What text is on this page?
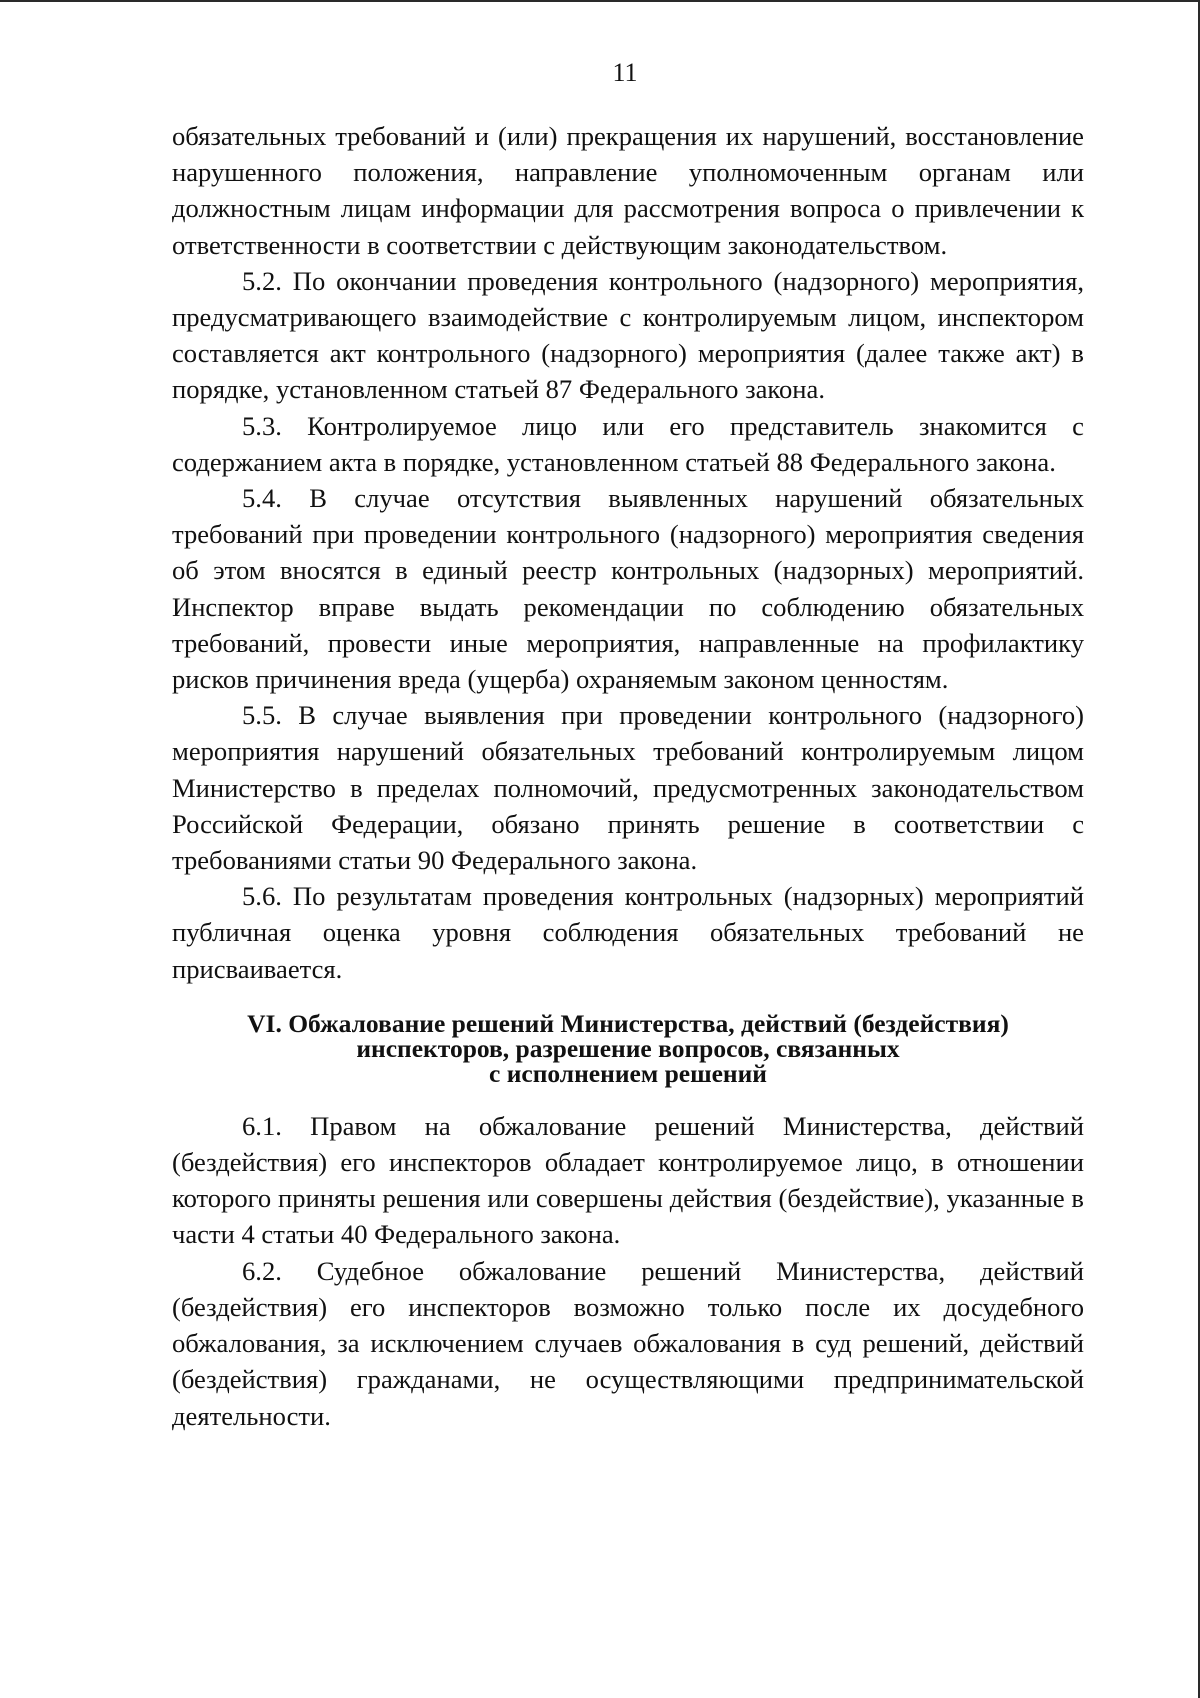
11

обязательных требований и (или) прекращения их нарушений, восстановление нарушенного положения, направление уполномоченным органам или должностным лицам информации для рассмотрения вопроса о привлечении к ответственности в соответствии с действующим законодательством.

5.2. По окончании проведения контрольного (надзорного) мероприятия, предусматривающего взаимодействие с контролируемым лицом, инспектором составляется акт контрольного (надзорного) мероприятия (далее также акт) в порядке, установленном статьей 87 Федерального закона.

5.3. Контролируемое лицо или его представитель знакомится с содержанием акта в порядке, установленном статьей 88 Федерального закона.

5.4. В случае отсутствия выявленных нарушений обязательных требований при проведении контрольного (надзорного) мероприятия сведения об этом вносятся в единый реестр контрольных (надзорных) мероприятий. Инспектор вправе выдать рекомендации по соблюдению обязательных требований, провести иные мероприятия, направленные на профилактику рисков причинения вреда (ущерба) охраняемым законом ценностям.

5.5. В случае выявления при проведении контрольного (надзорного) мероприятия нарушений обязательных требований контролируемым лицом Министерство в пределах полномочий, предусмотренных законодательством Российской Федерации, обязано принять решение в соответствии с требованиями статьи 90 Федерального закона.

5.6. По результатам проведения контрольных (надзорных) мероприятий публичная оценка уровня соблюдения обязательных требований не присваивается.

VI. Обжалование решений Министерства, действий (бездействия)
инспекторов, разрешение вопросов, связанных
с исполнением решений

6.1. Правом на обжалование решений Министерства, действий (бездействия) его инспекторов обладает контролируемое лицо, в отношении которого приняты решения или совершены действия (бездействие), указанные в части 4 статьи 40 Федерального закона.

6.2. Судебное обжалование решений Министерства, действий (бездействия) его инспекторов возможно только после их досудебного обжалования, за исключением случаев обжалования в суд решений, действий (бездействия) гражданами, не осуществляющими предпринимательской деятельности.
